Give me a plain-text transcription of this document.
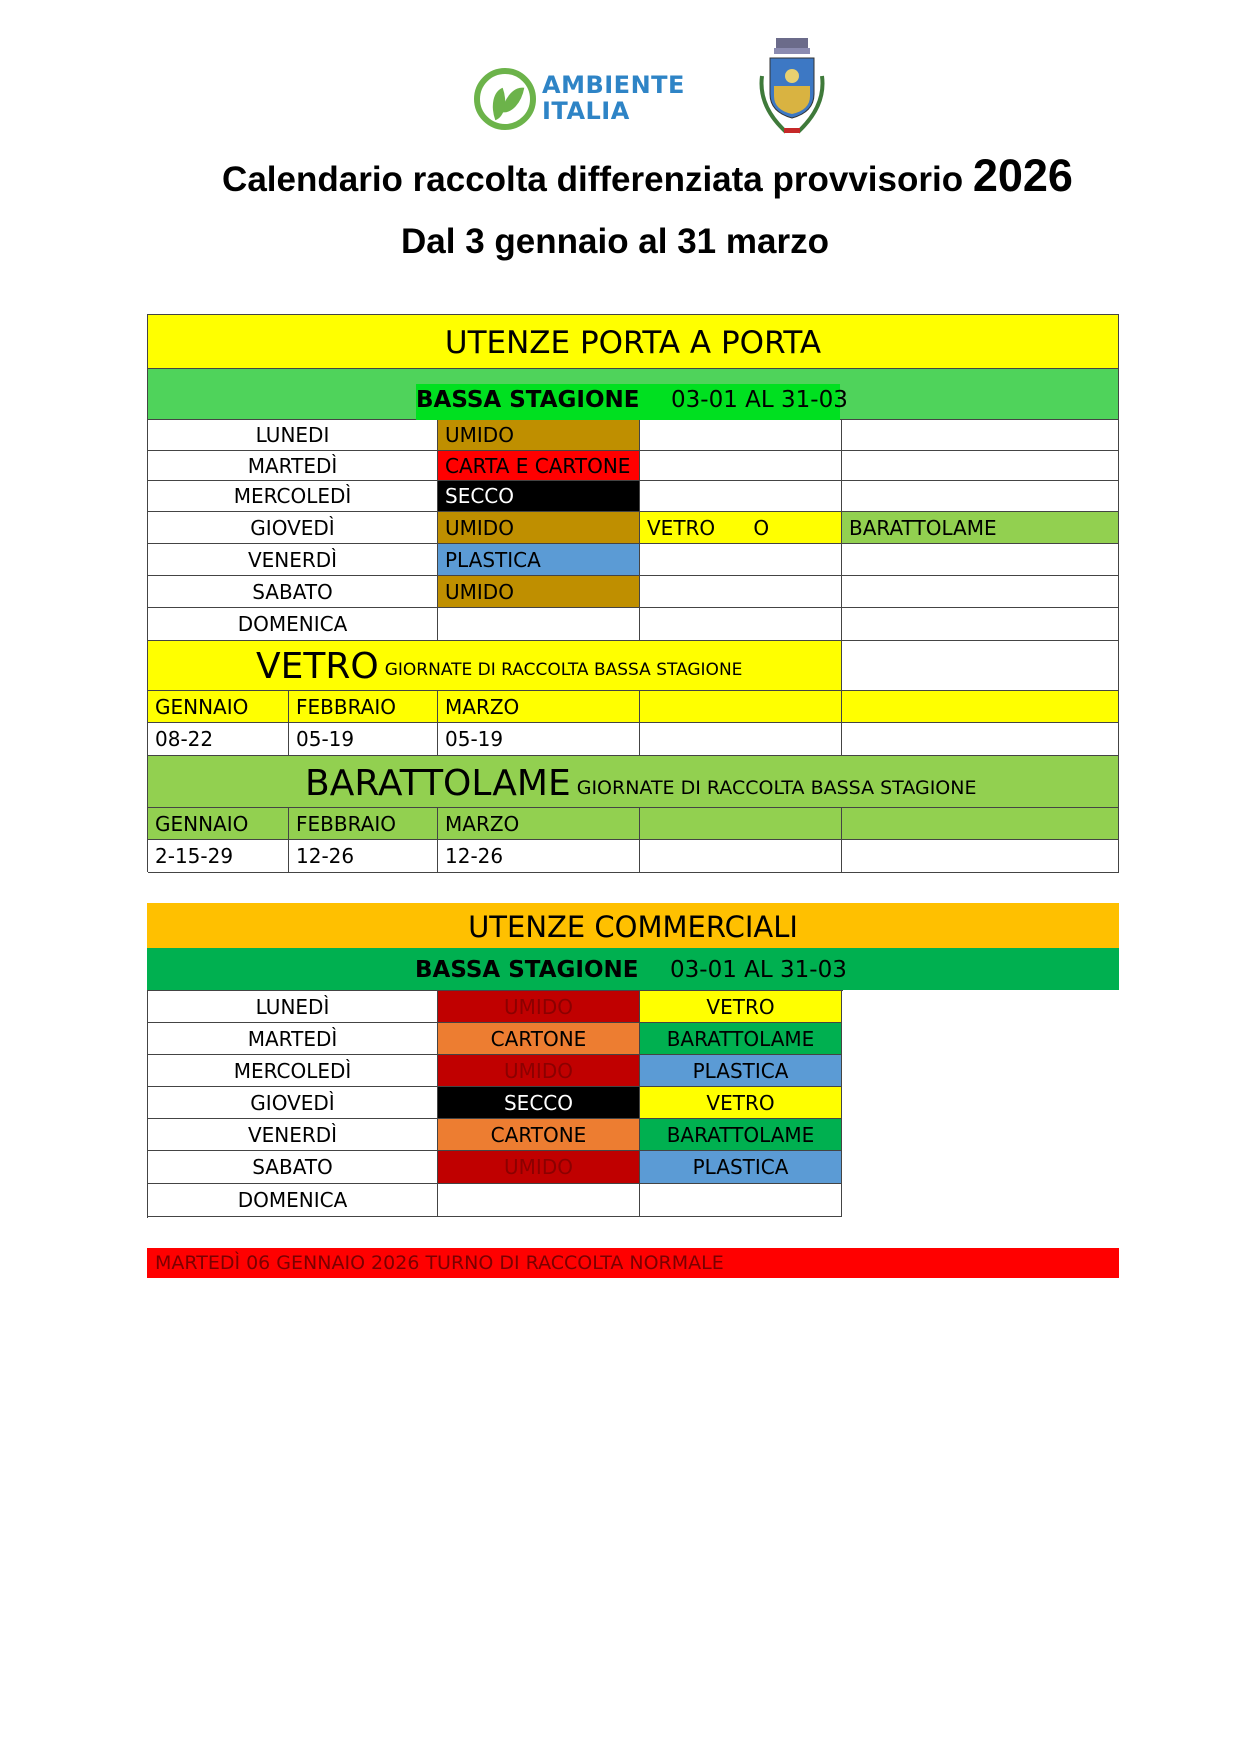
AMBIENTE
ITALIA
Calendario raccolta differenziata provvisorio 2026
Dal 3 gennaio al 31 marzo
UTENZE PORTA A PORTA
BASSA STAGIONE 03-01 AL 31-03
LUNEDI	UMIDO
MARTEDÌ	CARTA E CARTONE
MERCOLEDÌ	SECCO
GIOVEDÌ	UMIDO	VETRO      O	BARATTOLAME
VENERDÌ	PLASTICA
SABATO	UMIDO
DOMENICA
VETRO GIORNATE DI RACCOLTA BASSA STAGIONE
GENNAIO	FEBBRAIO	MARZO
08-22	05-19	05-19
BARATTOLAME GIORNATE DI RACCOLTA BASSA STAGIONE
GENNAIO	FEBBRAIO	MARZO
2-15-29	12-26	12-26
UTENZE COMMERCIALI
BASSA STAGIONE 03-01 AL 31-03
LUNEDÌ	UMIDO	VETRO
MARTEDÌ	CARTONE	BARATTOLAME
MERCOLEDÌ	UMIDO	PLASTICA
GIOVEDÌ	SECCO	VETRO
VENERDÌ	CARTONE	BARATTOLAME
SABATO	UMIDO	PLASTICA
DOMENICA
MARTEDÌ 06 GENNAIO 2026 TURNO DI RACCOLTA NORMALE
